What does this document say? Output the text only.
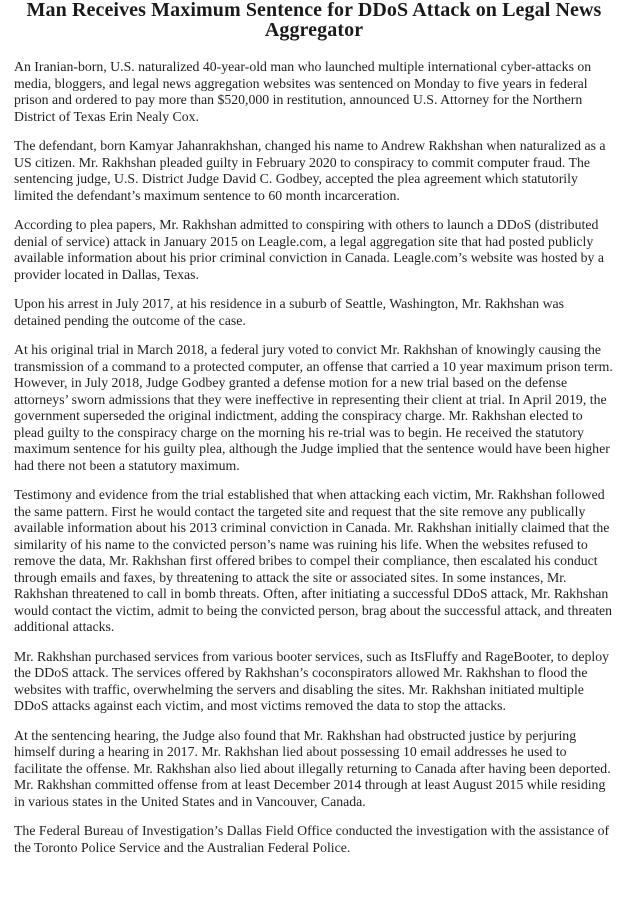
Man Receives Maximum Sentence for DDoS Attack on Legal News Aggregator

An Iranian-born, U.S. naturalized 40-year-old man who launched multiple international cyber-attacks on media, bloggers, and legal news aggregation websites was sentenced on Monday to five years in federal prison and ordered to pay more than $520,000 in restitution, announced U.S. Attorney for the Northern District of Texas Erin Nealy Cox.

The defendant, born Kamyar Jahanrakhshan, changed his name to Andrew Rakhshan when naturalized as a US citizen. Mr. Rakhshan pleaded guilty in February 2020 to conspiracy to commit computer fraud. The sentencing judge, U.S. District Judge David C. Godbey, accepted the plea agreement which statutorily limited the defendant’s maximum sentence to 60 month incarceration.

According to plea papers, Mr. Rakhshan admitted to conspiring with others to launch a DDoS (distributed denial of service) attack in January 2015 on Leagle.com, a legal aggregation site that had posted publicly available information about his prior criminal conviction in Canada. Leagle.com’s website was hosted by a provider located in Dallas, Texas.

Upon his arrest in July 2017, at his residence in a suburb of Seattle, Washington, Mr. Rakhshan was detained pending the outcome of the case.

At his original trial in March 2018, a federal jury voted to convict Mr. Rakhshan of knowingly causing the transmission of a command to a protected computer, an offense that carried a 10 year maximum prison term. However, in July 2018, Judge Godbey granted a defense motion for a new trial based on the defense attorneys’ sworn admissions that they were ineffective in representing their client at trial. In April 2019, the government superseded the original indictment, adding the conspiracy charge. Mr. Rakhshan elected to plead guilty to the conspiracy charge on the morning his re-trial was to begin. He received the statutory maximum sentence for his guilty plea, although the Judge implied that the sentence would have been higher had there not been a statutory maximum.

Testimony and evidence from the trial established that when attacking each victim, Mr. Rakhshan followed the same pattern. First he would contact the targeted site and request that the site remove any publically available information about his 2013 criminal conviction in Canada. Mr. Rakhshan initially claimed that the similarity of his name to the convicted person’s name was ruining his life. When the websites refused to remove the data, Mr. Rakhshan first offered bribes to compel their compliance, then escalated his conduct through emails and faxes, by threatening to attack the site or associated sites. In some instances, Mr. Rakhshan threatened to call in bomb threats. Often, after initiating a successful DDoS attack, Mr. Rakhshan would contact the victim, admit to being the convicted person, brag about the successful attack, and threaten additional attacks.

Mr. Rakhshan purchased services from various booter services, such as ItsFluffy and RageBooter, to deploy the DDoS attack. The services offered by Rakhshan’s coconspirators allowed Mr. Rakhshan to flood the websites with traffic, overwhelming the servers and disabling the sites. Mr. Rakhshan initiated multiple DDoS attacks against each victim, and most victims removed the data to stop the attacks.

At the sentencing hearing, the Judge also found that Mr. Rakhshan had obstructed justice by perjuring himself during a hearing in 2017. Mr. Rakhshan lied about possessing 10 email addresses he used to facilitate the offense. Mr. Rakhshan also lied about illegally returning to Canada after having been deported. Mr. Rakhshan committed offense from at least December 2014 through at least August 2015 while residing in various states in the United States and in Vancouver, Canada.

The Federal Bureau of Investigation’s Dallas Field Office conducted the investigation with the assistance of the Toronto Police Service and the Australian Federal Police.
